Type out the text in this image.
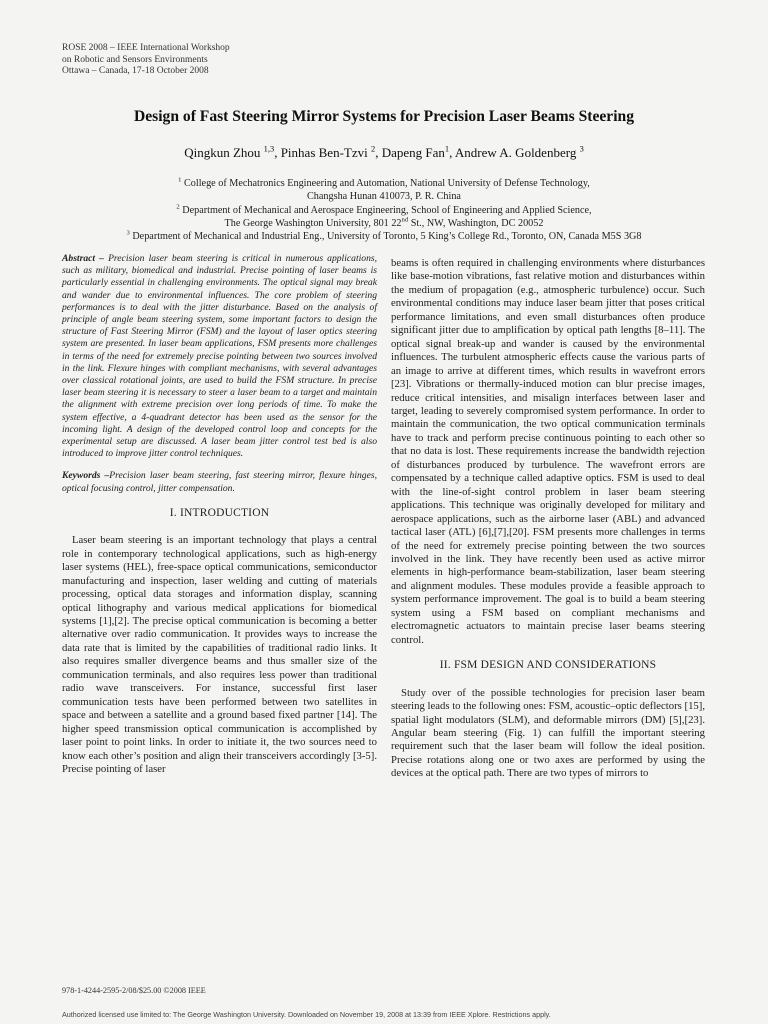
ROSE 2008 – IEEE International Workshop
on Robotic and Sensors Environments
Ottawa – Canada, 17-18 October 2008
Design of Fast Steering Mirror Systems for Precision Laser Beams Steering
Qingkun Zhou $^{1,3}$, Pinhas Ben-Tzvi $^2$, Dapeng Fan$^1$, Andrew A. Goldenberg $^3$
$^1$ College of Mechatronics Engineering and Automation, National University of Defense Technology,
Changsha Hunan 410073, P. R. China
$^2$ Department of Mechanical and Aerospace Engineering, School of Engineering and Applied Science,
The George Washington University, 801 22nd St., NW, Washington, DC 20052
$^3$ Department of Mechanical and Industrial Eng., University of Toronto, 5 King’s College Rd., Toronto, ON, Canada M5S 3G8

Abstract – Precision laser beam steering is critical in numerous applications, such as military, biomedical and industrial. Precise pointing of laser beams is particularly essential in challenging environments. The optical signal may break and wander due to environmental influences. The core problem of steering performances is to deal with the jitter disturbance. Based on the analysis of principle of angle beam steering system, some important factors to design the structure of Fast Steering Mirror (FSM) and the layout of laser optics steering system are presented. In laser beam applications, FSM presents more challenges in terms of the need for extremely precise pointing between two sources involved in the link. Flexure hinges with compliant mechanisms, with several advantages over classical rotational joints, are used to build the FSM structure. In precise laser beam steering it is necessary to steer a laser beam to a target and maintain the alignment with extreme precision over long periods of time. To make the system effective, a 4-quadrant detector has been used as the sensor for the incoming light. A design of the developed control loop and concepts for the experimental setup are discussed. A laser beam jitter control test bed is also introduced to improve jitter control techniques.

Keywords –Precision laser beam steering, fast steering mirror, flexure hinges, optical focusing control, jitter compensation.

I. INTRODUCTION

Laser beam steering is an important technology that plays a central role in contemporary technological applications, such as high-energy laser systems (HEL), free-space optical communications, semiconductor manufacturing and inspection, laser welding and cutting of materials processing, optical data storages and information display, scanning optical lithography and various medical applications for biomedical systems [1],[2]. The precise optical communication is becoming a better alternative over radio communication. It provides ways to increase the data rate that is limited by the capabilities of traditional radio links. It also requires smaller divergence beams and thus smaller size of the communication terminals, and also requires less power than traditional radio wave transceivers. For instance, successful first laser communication tests have been performed between two satellites in space and between a satellite and a ground based fixed partner [14]. The higher speed transmission optical communication is accomplished by laser point to point links. In order to initiate it, the two sources need to know each other’s position and align their transceivers accordingly [3-5]. Precise pointing of laser

beams is often required in challenging environments where disturbances like base-motion vibrations, fast relative motion and disturbances within the medium of propagation (e.g., atmospheric turbulence) occur. Such environmental conditions may induce laser beam jitter that poses critical performance limitations, and even small disturbances often produce significant jitter due to amplification by optical path lengths [8–11]. The optical signal break-up and wander is caused by the environmental influences. The turbulent atmospheric effects cause the various parts of an image to arrive at different times, which results in wavefront errors [23]. Vibrations or thermally-induced motion can blur precise images, reduce critical intensities, and misalign interfaces between laser and target, leading to severely compromised system performance. In order to maintain the communication, the two optical communication terminals have to track and perform precise continuous pointing to each other so that no data is lost. These requirements increase the bandwidth rejection of disturbances produced by turbulence. The wavefront errors are compensated by a technique called adaptive optics. FSM is used to deal with the line-of-sight control problem in laser beam steering applications. This technique was originally developed for military and aerospace applications, such as the airborne laser (ABL) and advanced tactical laser (ATL) [6],[7],[20]. FSM presents more challenges in terms of the need for extremely precise pointing between the two sources involved in the link. They have recently been used as active mirror elements in high-performance beam-stabilization, laser beam steering and alignment modules. These modules provide a feasible approach to system performance improvement. The goal is to build a beam steering system using a FSM based on compliant mechanisms and electromagnetic actuators to maintain precise laser beams steering control.

II. FSM DESIGN AND CONSIDERATIONS

Study over of the possible technologies for precision laser beam steering leads to the following ones: FSM, acoustic–optic deflectors [15], spatial light modulators (SLM), and deformable mirrors (DM) [5],[23]. Angular beam steering (Fig. 1) can fulfill the important steering requirement such that the laser beam will follow the ideal position. Precise rotations along one or two axes are performed by using the devices at the optical path. There are two types of mirrors to

978-1-4244-2595-2/08/$25.00 ©2008 IEEE
Authorized licensed use limited to: The George Washington University. Downloaded on November 19, 2008 at 13:39 from IEEE Xplore. Restrictions apply.
